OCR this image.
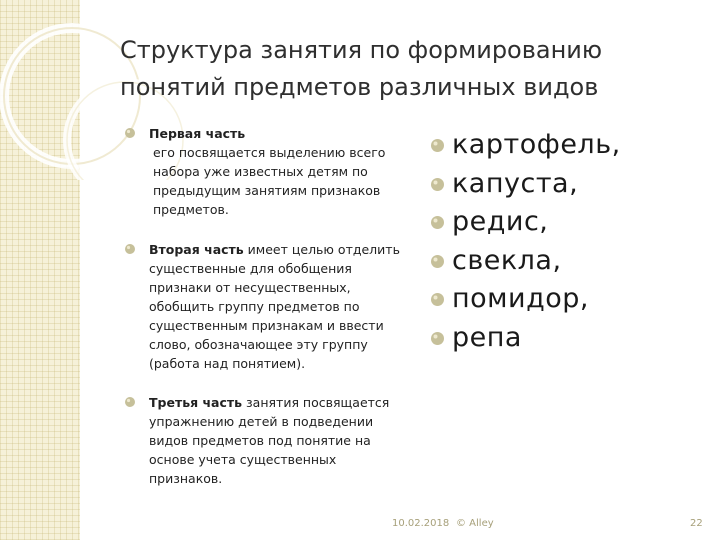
Структура занятия по формированию
понятий предметов различных видов
Первая часть
его посвящается выделению всего набора уже известных детям по предыдущим занятиям признаков предметов.
Вторая часть имеет целью отделить существенные для обобщения признаки от несущественных, обобщить группу предметов по существенным признакам и ввести слово, обозначающее эту группу (работа над понятием).
Третья часть занятия посвящается упражнению детей в подведении видов предметов под понятие на основе учета существенных признаков.
картофель,
капуста,
редис,
свекла,
помидор,
репа
10.02.2018 © Alley	22
